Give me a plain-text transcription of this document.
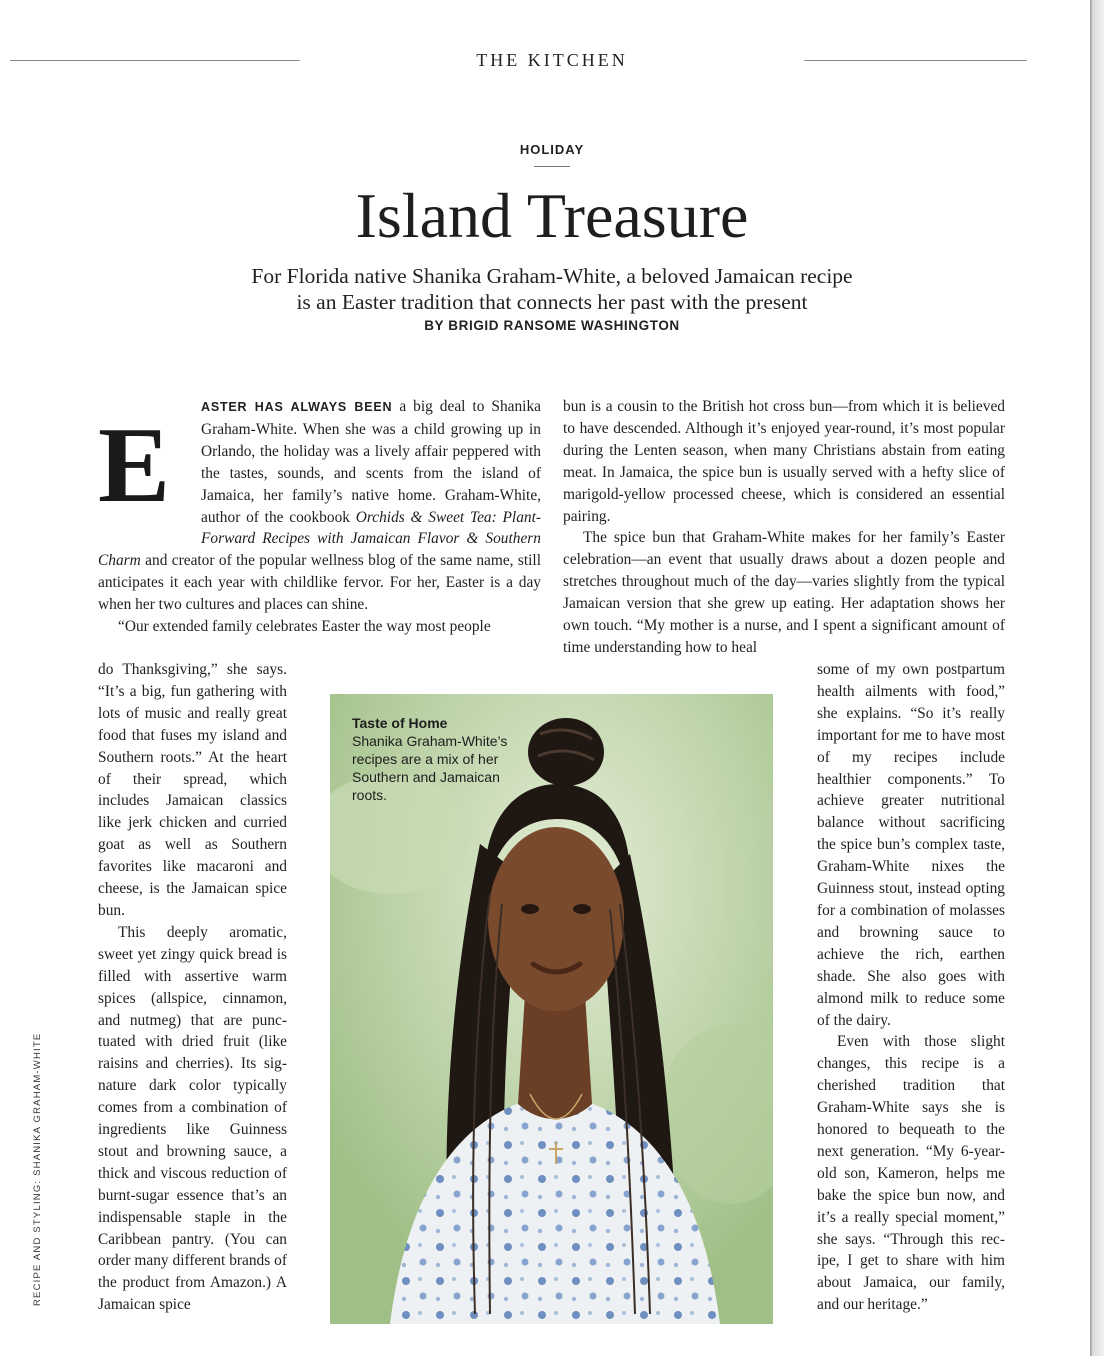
THE KITCHEN
HOLIDAY
Island Treasure
For Florida native Shanika Graham-White, a beloved Jamaican recipe
is an Easter tradition that connects her past with the present
BY BRIGID RANSOME WASHINGTON
E	ASTER HAS ALWAYS BEEN a big deal to Shanika Graham-White. When she was a child growing up in Orlando, the holiday was a lively affair peppered with the tastes, sounds, and scents from the island of Jamaica, her family’s native home. Graham-White, author of the cookbook Orchids & Sweet Tea: Plant-Forward Recipes with Jamaican Flavor & Southern Charm and creator of the popular wellness blog of the same name, still anticipates it each year with childlike fervor. For her, Easter is a day when her two cultures and places can shine.

“Our extended family celebrates Easter the way most people

do Thanksgiving,” she says. “It’s a big, fun gathering with lots of music and really great food that fuses my island and Southern roots.” At the heart of their spread, which includes Jamaican classics like jerk chicken and curried goat as well as Southern favorites like macaroni and cheese, is the Jamaican spice bun.

This deeply aromatic, sweet yet zingy quick bread is filled with assertive warm spices (allspice, cinnamon, and nutmeg) that are punctuated with dried fruit (like raisins and cherries). Its signature dark color typically comes from a combination of ingredients like Guinness stout and browning sauce, a thick and viscous reduction of burnt-sugar essence that’s an indispensable staple in the Caribbean pantry. (You can order many different brands of the product from Amazon.) A Jamaican spice

bun is a cousin to the British hot cross bun—from which it is believed to have descended. Although it’s enjoyed year-round, it’s most popular during the Lenten season, when many Christians abstain from eating meat. In Jamaica, the spice bun is usually served with a hefty slice of marigold-yellow processed cheese, which is considered an essential pairing.

The spice bun that Graham-White makes for her family’s Easter celebration—an event that usually draws about a dozen people and stretches throughout much of the day—varies slightly from the typical Jamaican version that she grew up eating. Her adaptation shows her own touch. “My mother is a nurse, and I spent a significant amount of time understanding how to heal

some of my own postpartum health ailments with food,” she explains. “So it’s really important for me to have most of my recipes include healthier components.” To achieve greater nutritional balance without sacrificing the spice bun’s complex taste, Graham-White nixes the Guinness stout, instead opting for a combination of molasses and browning sauce to achieve the rich, earthen shade. She also goes with almond milk to reduce some of the dairy.

Even with those slight changes, this recipe is a cherished tradition that Graham-White says she is honored to bequeath to the next generation. “My 6-year-old son, Kameron, helps me bake the spice bun now, and it’s a really special moment,” she says. “Through this recipe, I get to share with him about Jamaica, our family, and our heritage.”

Taste of Home
Shanika Graham-White’s recipes are a mix of her Southern and Jamaican roots.
RECIPE AND STYLING: SHANIKA GRAHAM-WHITE
